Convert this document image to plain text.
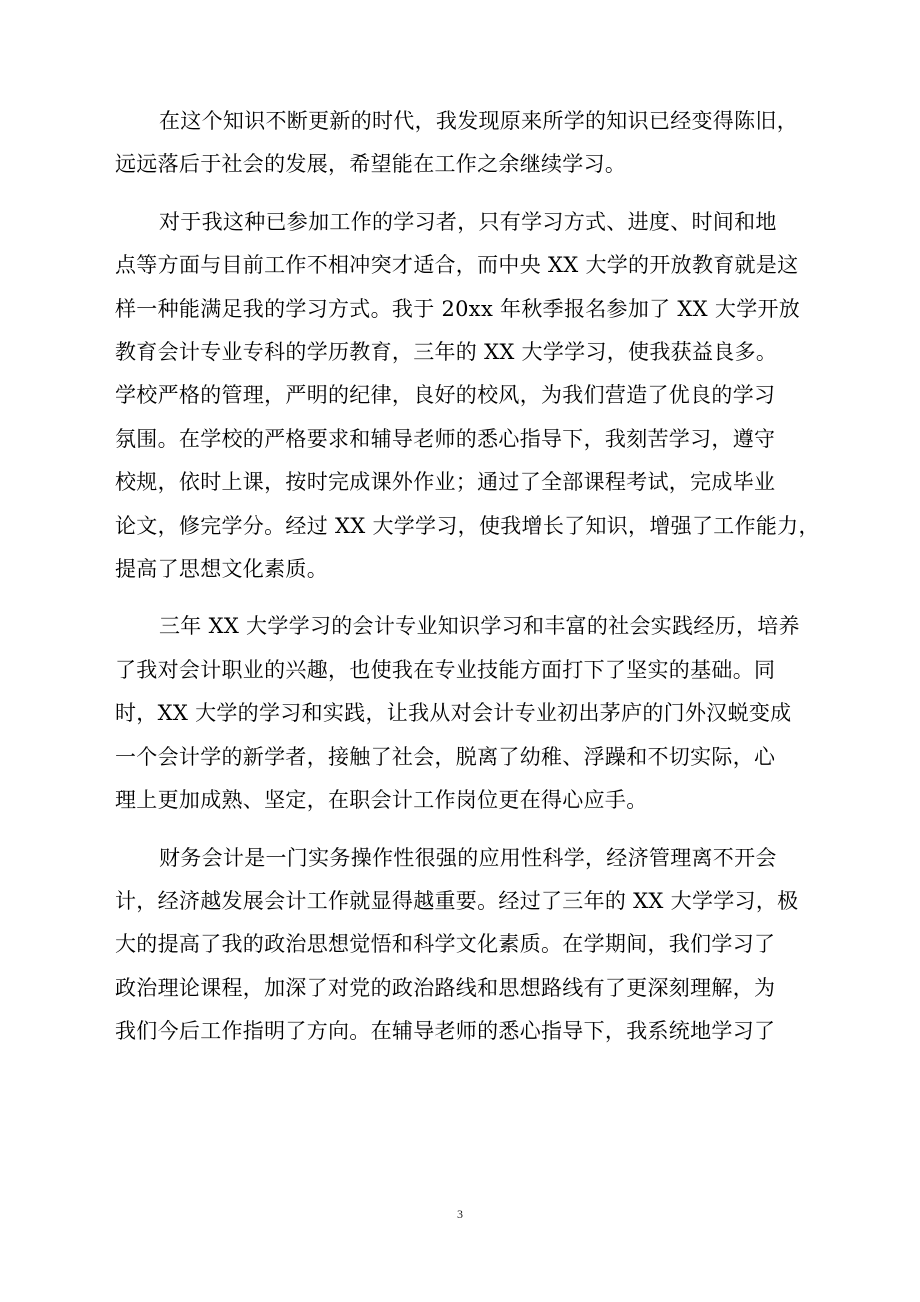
在这个知识不断更新的时代，我发现原来所学的知识已经变得陈旧，
远远落后于社会的发展，希望能在工作之余继续学习。

对于我这种已参加工作的学习者，只有学习方式、进度、时间和地
点等方面与目前工作不相冲突才适合，而中央 XX 大学的开放教育就是这
样一种能满足我的学习方式。我于 20xx 年秋季报名参加了 XX 大学开放
教育会计专业专科的学历教育，三年的 XX 大学学习，使我获益良多。
学校严格的管理，严明的纪律，良好的校风，为我们营造了优良的学习
氛围。在学校的严格要求和辅导老师的悉心指导下，我刻苦学习，遵守
校规，依时上课，按时完成课外作业；通过了全部课程考试，完成毕业
论文，修完学分。经过 XX 大学学习，使我增长了知识，增强了工作能力，
提高了思想文化素质。

三年 XX 大学学习的会计专业知识学习和丰富的社会实践经历，培养
了我对会计职业的兴趣，也使我在专业技能方面打下了坚实的基础。同
时，XX 大学的学习和实践，让我从对会计专业初出茅庐的门外汉蜕变成
一个会计学的新学者，接触了社会，脱离了幼稚、浮躁和不切实际，心
理上更加成熟、坚定，在职会计工作岗位更在得心应手。

财务会计是一门实务操作性很强的应用性科学，经济管理离不开会
计，经济越发展会计工作就显得越重要。经过了三年的 XX 大学学习，极
大的提高了我的政治思想觉悟和科学文化素质。在学期间，我们学习了
政治理论课程，加深了对党的政治路线和思想路线有了更深刻理解，为
我们今后工作指明了方向。在辅导老师的悉心指导下，我系统地学习了

3
